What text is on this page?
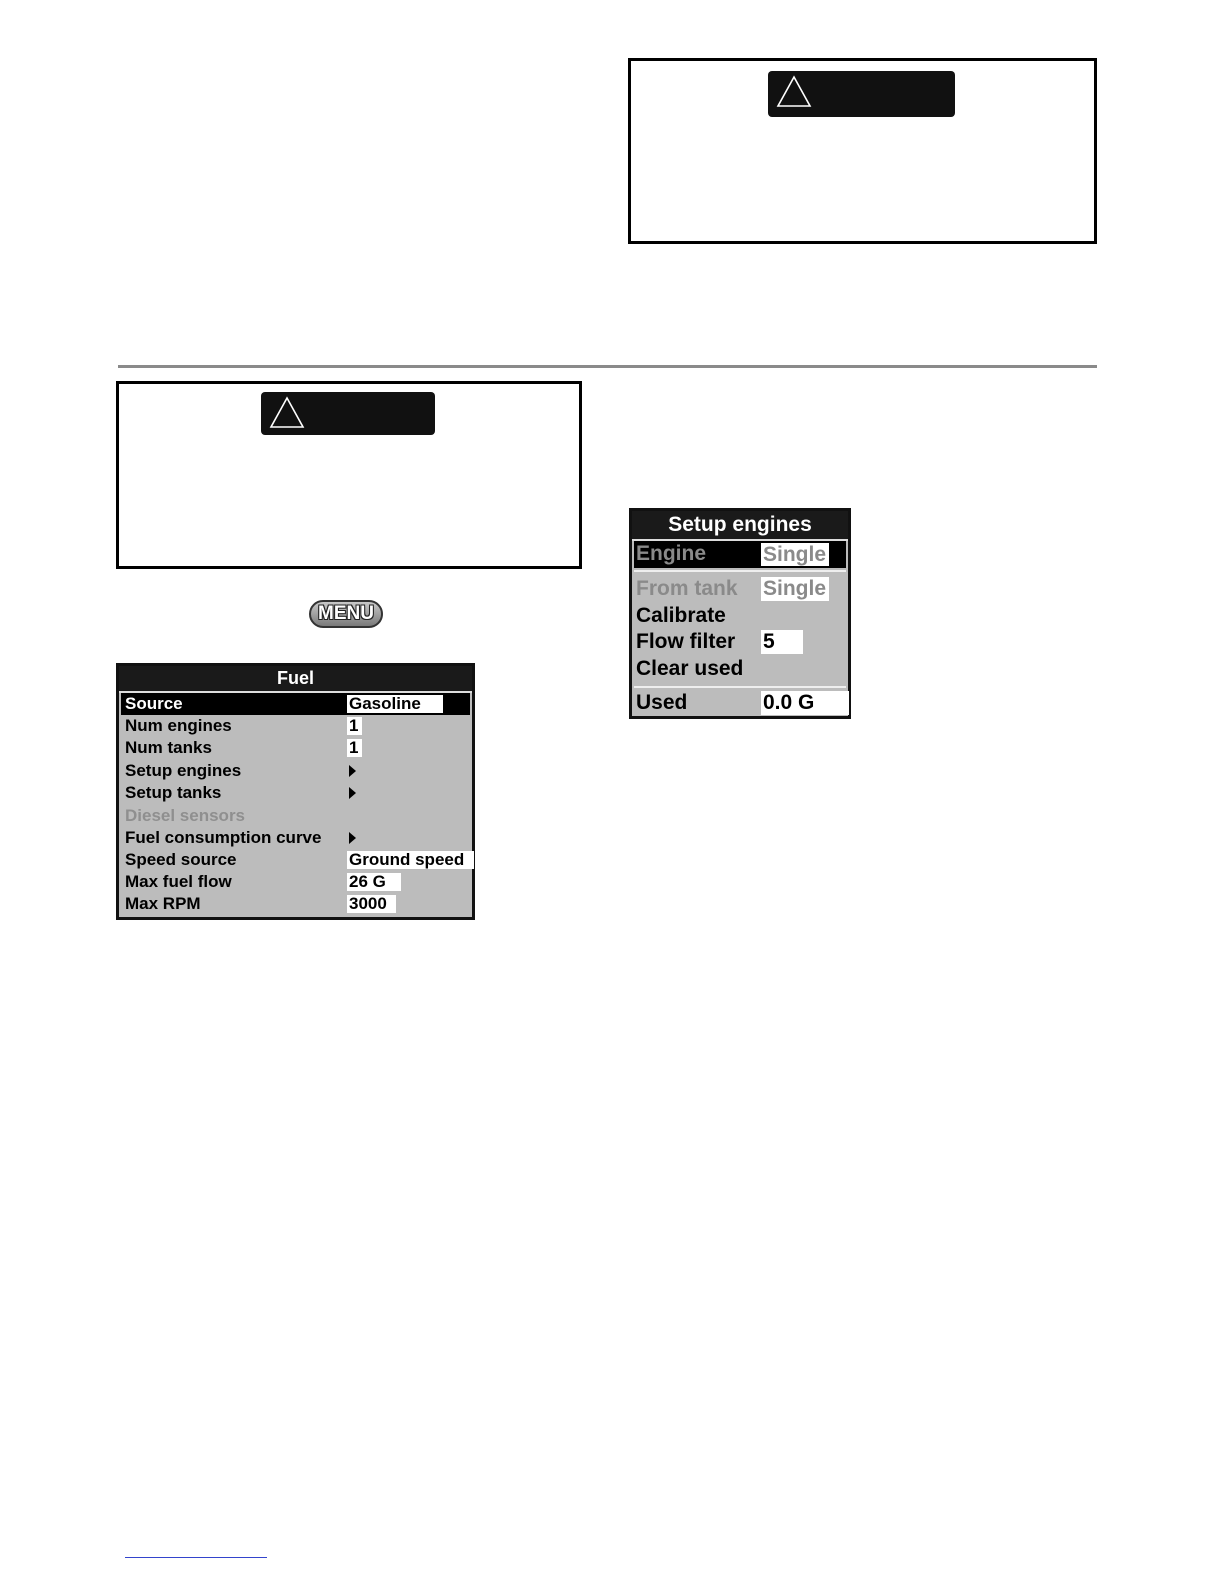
MENU
Fuel
Source	Gasoline
Num engines	1
Num tanks	1
Setup engines
Setup tanks
Diesel sensors
Fuel consumption curve
Speed source	Ground speed
Max fuel flow	26 G
Max RPM	3000
Setup engines
Engine	Single
From tank Single
Calibrate
Flow filter 5
Clear used
Used	0.0 G
